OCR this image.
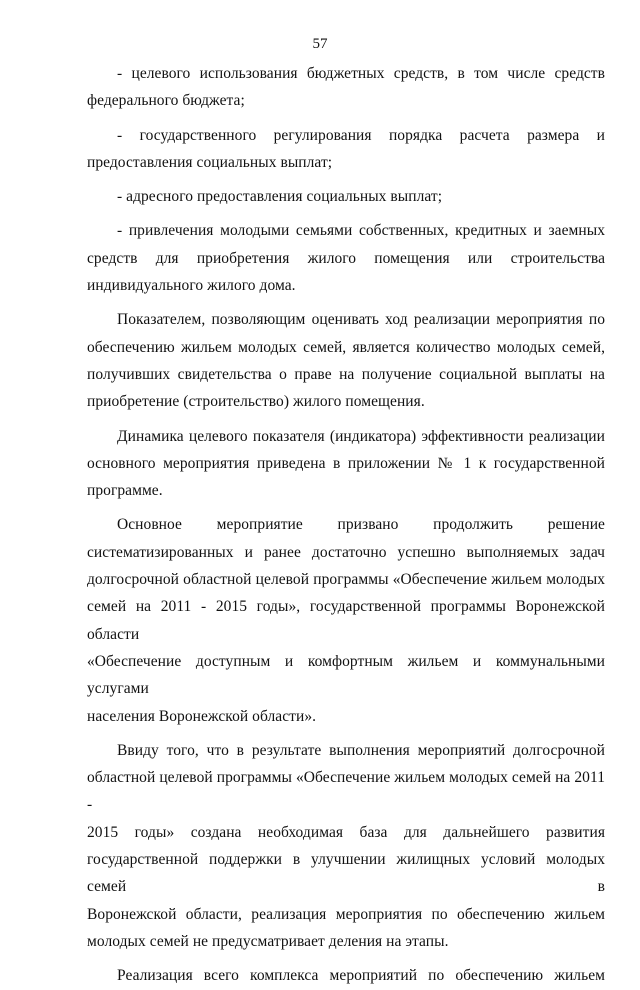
57
- целевого использования бюджетных средств, в том числе средств
федерального бюджета;
- государственного регулирования порядка расчета размера и
предоставления социальных выплат;
- адресного предоставления социальных выплат;
- привлечения молодыми семьями собственных, кредитных и заемных
средств для приобретения жилого помещения или строительства
индивидуального жилого дома.
Показателем, позволяющим оценивать ход реализации мероприятия по
обеспечению жильем молодых семей, является количество молодых семей,
получивших свидетельства о праве на получение социальной выплаты на
приобретение (строительство) жилого помещения.
Динамика целевого показателя (индикатора) эффективности реализации
основного мероприятия приведена в приложении № 1 к государственной
программе.
Основное мероприятие призвано продолжить решение
систематизированных и ранее достаточно успешно выполняемых задач
долгосрочной областной целевой программы «Обеспечение жильем молодых
семей на 2011 - 2015 годы», государственной программы Воронежской области
«Обеспечение доступным и комфортным жильем и коммунальными услугами
населения Воронежской области».
Ввиду того, что в результате выполнения мероприятий долгосрочной
областной целевой программы «Обеспечение жильем молодых семей на 2011 -
2015 годы» создана необходимая база для дальнейшего развития
государственной поддержки в улучшении жилищных условий молодых семей в
Воронежской области, реализация мероприятия по обеспечению жильем
молодых семей не предусматривает деления на этапы.
Реализация всего комплекса мероприятий по обеспечению жильем
